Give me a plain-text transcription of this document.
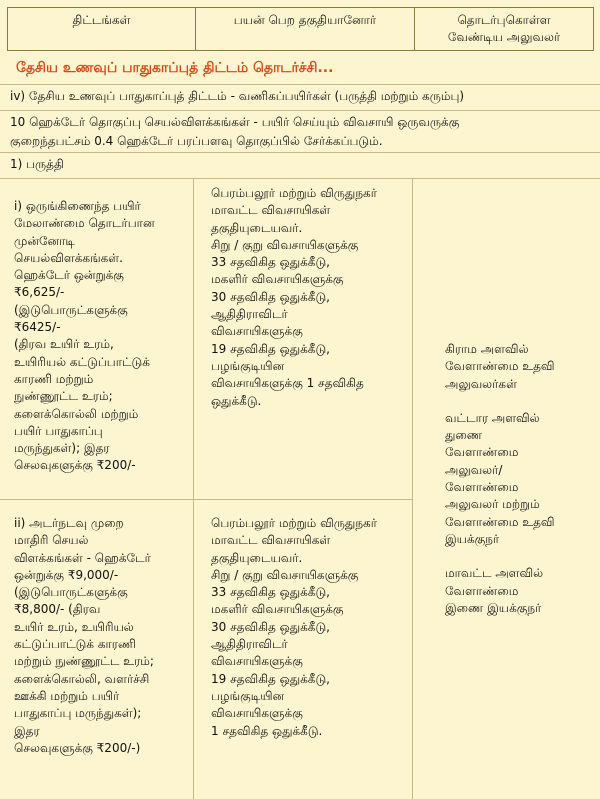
திட்டங்கள்	பயன் பெற தகுதியானோர்	தொடர்புகொள்ள
வேண்டிய அலுவலர்
தேசிய உணவுப் பாதுகாப்புத் திட்டம் தொடர்ச்சி...
iv) தேசிய உணவுப் பாதுகாப்புத் திட்டம் - வணிகப்பயிர்கள் (பருத்தி மற்றும் கரும்பு)
10 ஹெக்டேர் தொகுப்பு செயல்விளக்கங்கள் - பயிர் செய்யும் விவசாயி ஒருவருக்கு
குறைந்தபட்சம் 0.4 ஹெக்டேர் பரப்பளவு தொகுப்பில் சேர்க்கப்படும்.
1) பருத்தி

i) ஒருங்கிணைந்த பயிர்

மேலாண்மை தொடர்பான

முன்னோடி

செயல்விளக்கங்கள்.

ஹெக்டேர் ஒன்றுக்கு

₹6,625/-

(இடுபொருட்களுக்கு

₹6425/-

(திரவ உயிர் உரம்,

உயிரியல் கட்டுப்பாட்டுக்

காரணி மற்றும்

நுண்ணூட்ட உரம்;

களைக்கொல்லி மற்றும்

பயிர் பாதுகாப்பு

மருந்துகள்); இதர

செலவுகளுக்கு ₹200/-

பெரம்பலூர் மற்றும் விருதுநகர்

மாவட்ட விவசாயிகள்

தகுதியுடையவர்.

சிறு / குறு விவசாயிகளுக்கு

33 சதவிகித ஒதுக்கீடு,

மகளிர் விவசாயிகளுக்கு

30 சதவிகித ஒதுக்கீடு,

ஆதிதிராவிடர்

விவசாயிகளுக்கு

19 சதவிகித ஒதுக்கீடு,

பழங்குடியின

விவசாயிகளுக்கு 1 சதவிகித

ஒதுக்கீடு.

ii) அடர்நடவு முறை

மாதிரி செயல்

விளக்கங்கள் - ஹெக்டேர்

ஒன்றுக்கு ₹9,000/-

(இடுபொருட்களுக்கு

₹8,800/- (திரவ

உயிர் உரம், உயிரியல்

கட்டுப்பாட்டுக் காரணி

மற்றும் நுண்ணூட்ட உரம்;

களைக்கொல்லி, வளர்ச்சி

ஊக்கி மற்றும் பயிர்

பாதுகாப்பு மருந்துகள்);

இதர

செலவுகளுக்கு ₹200/-)

பெரம்பலூர் மற்றும் விருதுநகர்

மாவட்ட விவசாயிகள்

தகுதியுடையவர்.

சிறு / குறு விவசாயிகளுக்கு

33 சதவிகித ஒதுக்கீடு,

மகளிர் விவசாயிகளுக்கு

30 சதவிகித ஒதுக்கீடு,

ஆதிதிராவிடர்

விவசாயிகளுக்கு

19 சதவிகித ஒதுக்கீடு,

பழங்குடியின

விவசாயிகளுக்கு

1 சதவிகித ஒதுக்கீடு.

கிராம அளவில்

வேளாண்மை உதவி

அலுவலர்கள்

வட்டார அளவில்

துணை

வேளாண்மை

அலுவலர்/

வேளாண்மை

அலுவலர் மற்றும்

வேளாண்மை உதவி

இயக்குநர்

மாவட்ட அளவில்

வேளாண்மை

இணை இயக்குநர்
